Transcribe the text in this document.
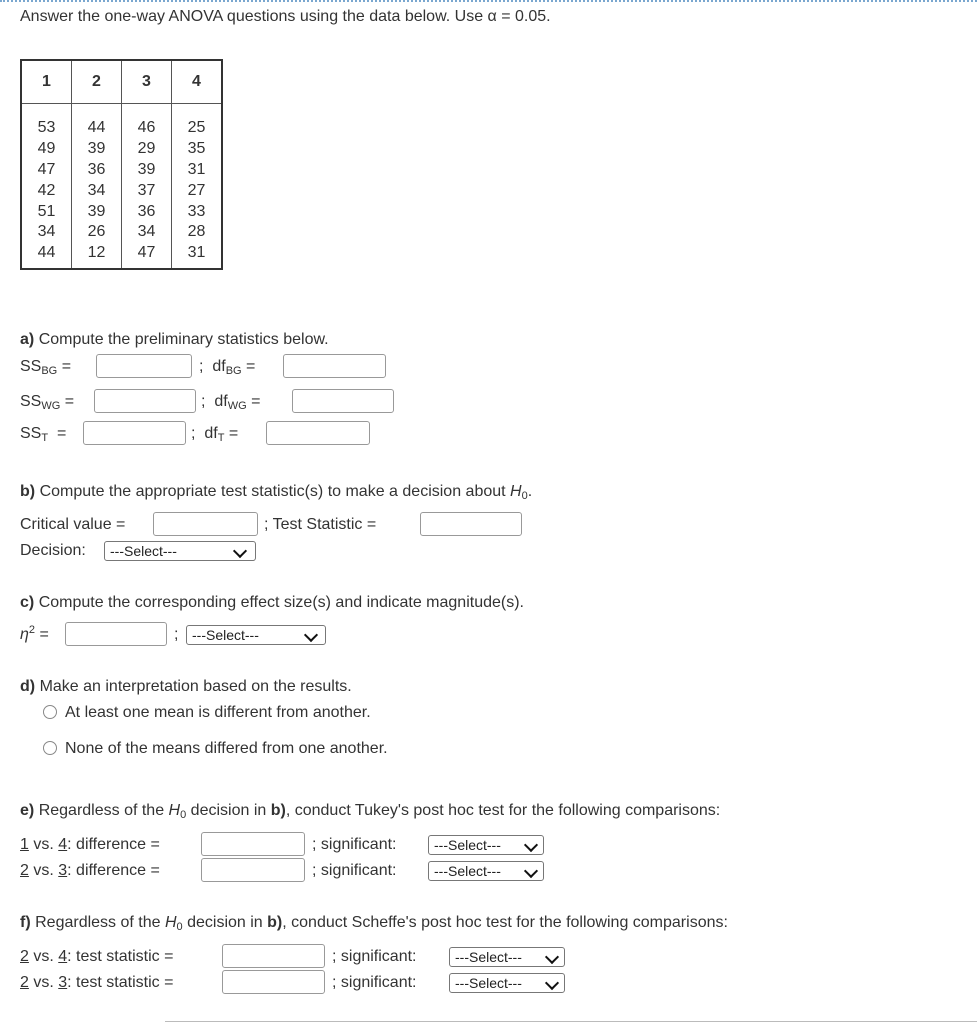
Answer the one-way ANOVA questions using the data below. Use α = 0.05.
1	2	3	4

53	44	46	25
49	39	29	35
47	36	39	31
42	34	37	27
51	39	36	33
34	26	34	28
44	12	47	31

a) Compute the preliminary statistics below.
$SS_{BG}$ =	; $df_{BG}$ =
$SS_{WG}$ =	; $df_{WG}$ =
$SS_T$ =	; $df_T$ =
b) Compute the appropriate test statistic(s) to make a decision about $H_0$.
Critical value =	; Test Statistic =
Decision:	---Select---
c) Compute the corresponding effect size(s) and indicate magnitude(s).
$\eta^2$ =	; ---Select---
d) Make an interpretation based on the results.
At least one mean is different from another.
None of the means differed from one another.
e) Regardless of the $H_0$ decision in b), conduct Tukey's post hoc test for the following comparisons:
1 vs. 4: difference =	; significant:	---Select---
2 vs. 3: difference =	; significant:	---Select---
f) Regardless of the $H_0$ decision in b), conduct Scheffe's post hoc test for the following comparisons:
2 vs. 4: test statistic =	; significant:	---Select---
2 vs. 3: test statistic =	; significant:	---Select---
